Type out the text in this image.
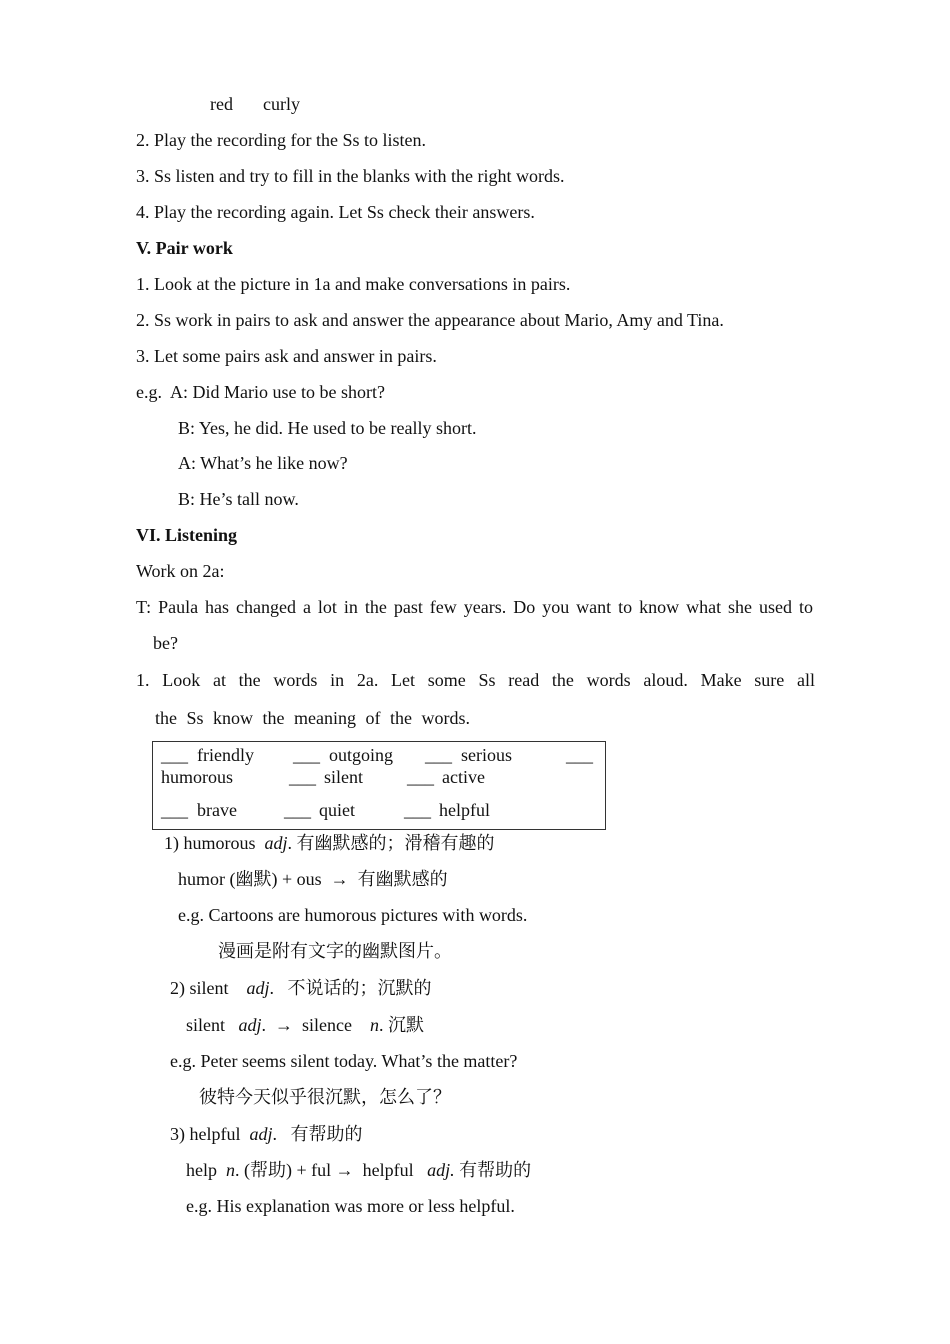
red curly
2. Play the recording for the Ss to listen.
3. Ss listen and try to fill in the blanks with the right words.
4. Play the recording again. Let Ss check their answers.
V. Pair work
1. Look at the picture in 1a and make conversations in pairs.
2. Ss work in pairs to ask and answer the appearance about Mario, Amy and Tina.
3. Let some pairs ask and answer in pairs.
e.g.  A: Did Mario use to be short?
B: Yes, he did. He used to be really short.
A: What’s he like now?
B: He’s tall now.
VI. Listening
Work on 2a:
T: Paula has changed a lot in the past few years. Do you want to know what she used to
be?
1. Look at the words in 2a. Let some Ss read the words aloud. Make sure all
the Ss know the meaning of the words.
___ friendly ___ outgoing ___ serious	___
humorous	___ silent ___ active
___ brave	___ quiet	___ helpful
1) humorous adj. 有幽默感的；滑稽有趣的
humor (幽默) + ous  →  有幽默感的
e.g. Cartoons are humorous pictures with words.
漫画是附有文字的幽默图片。
2) silent adj.   不说话的；沉默的
silent adj.  →  silence n. 沉默
e.g. Peter seems silent today. What’s the matter?
彼特今天似乎很沉默，怎么了？
3) helpful adj.   有帮助的
help n. (帮助) + ful →  helpful adj. 有帮助的
e.g. His explanation was more or less helpful.
